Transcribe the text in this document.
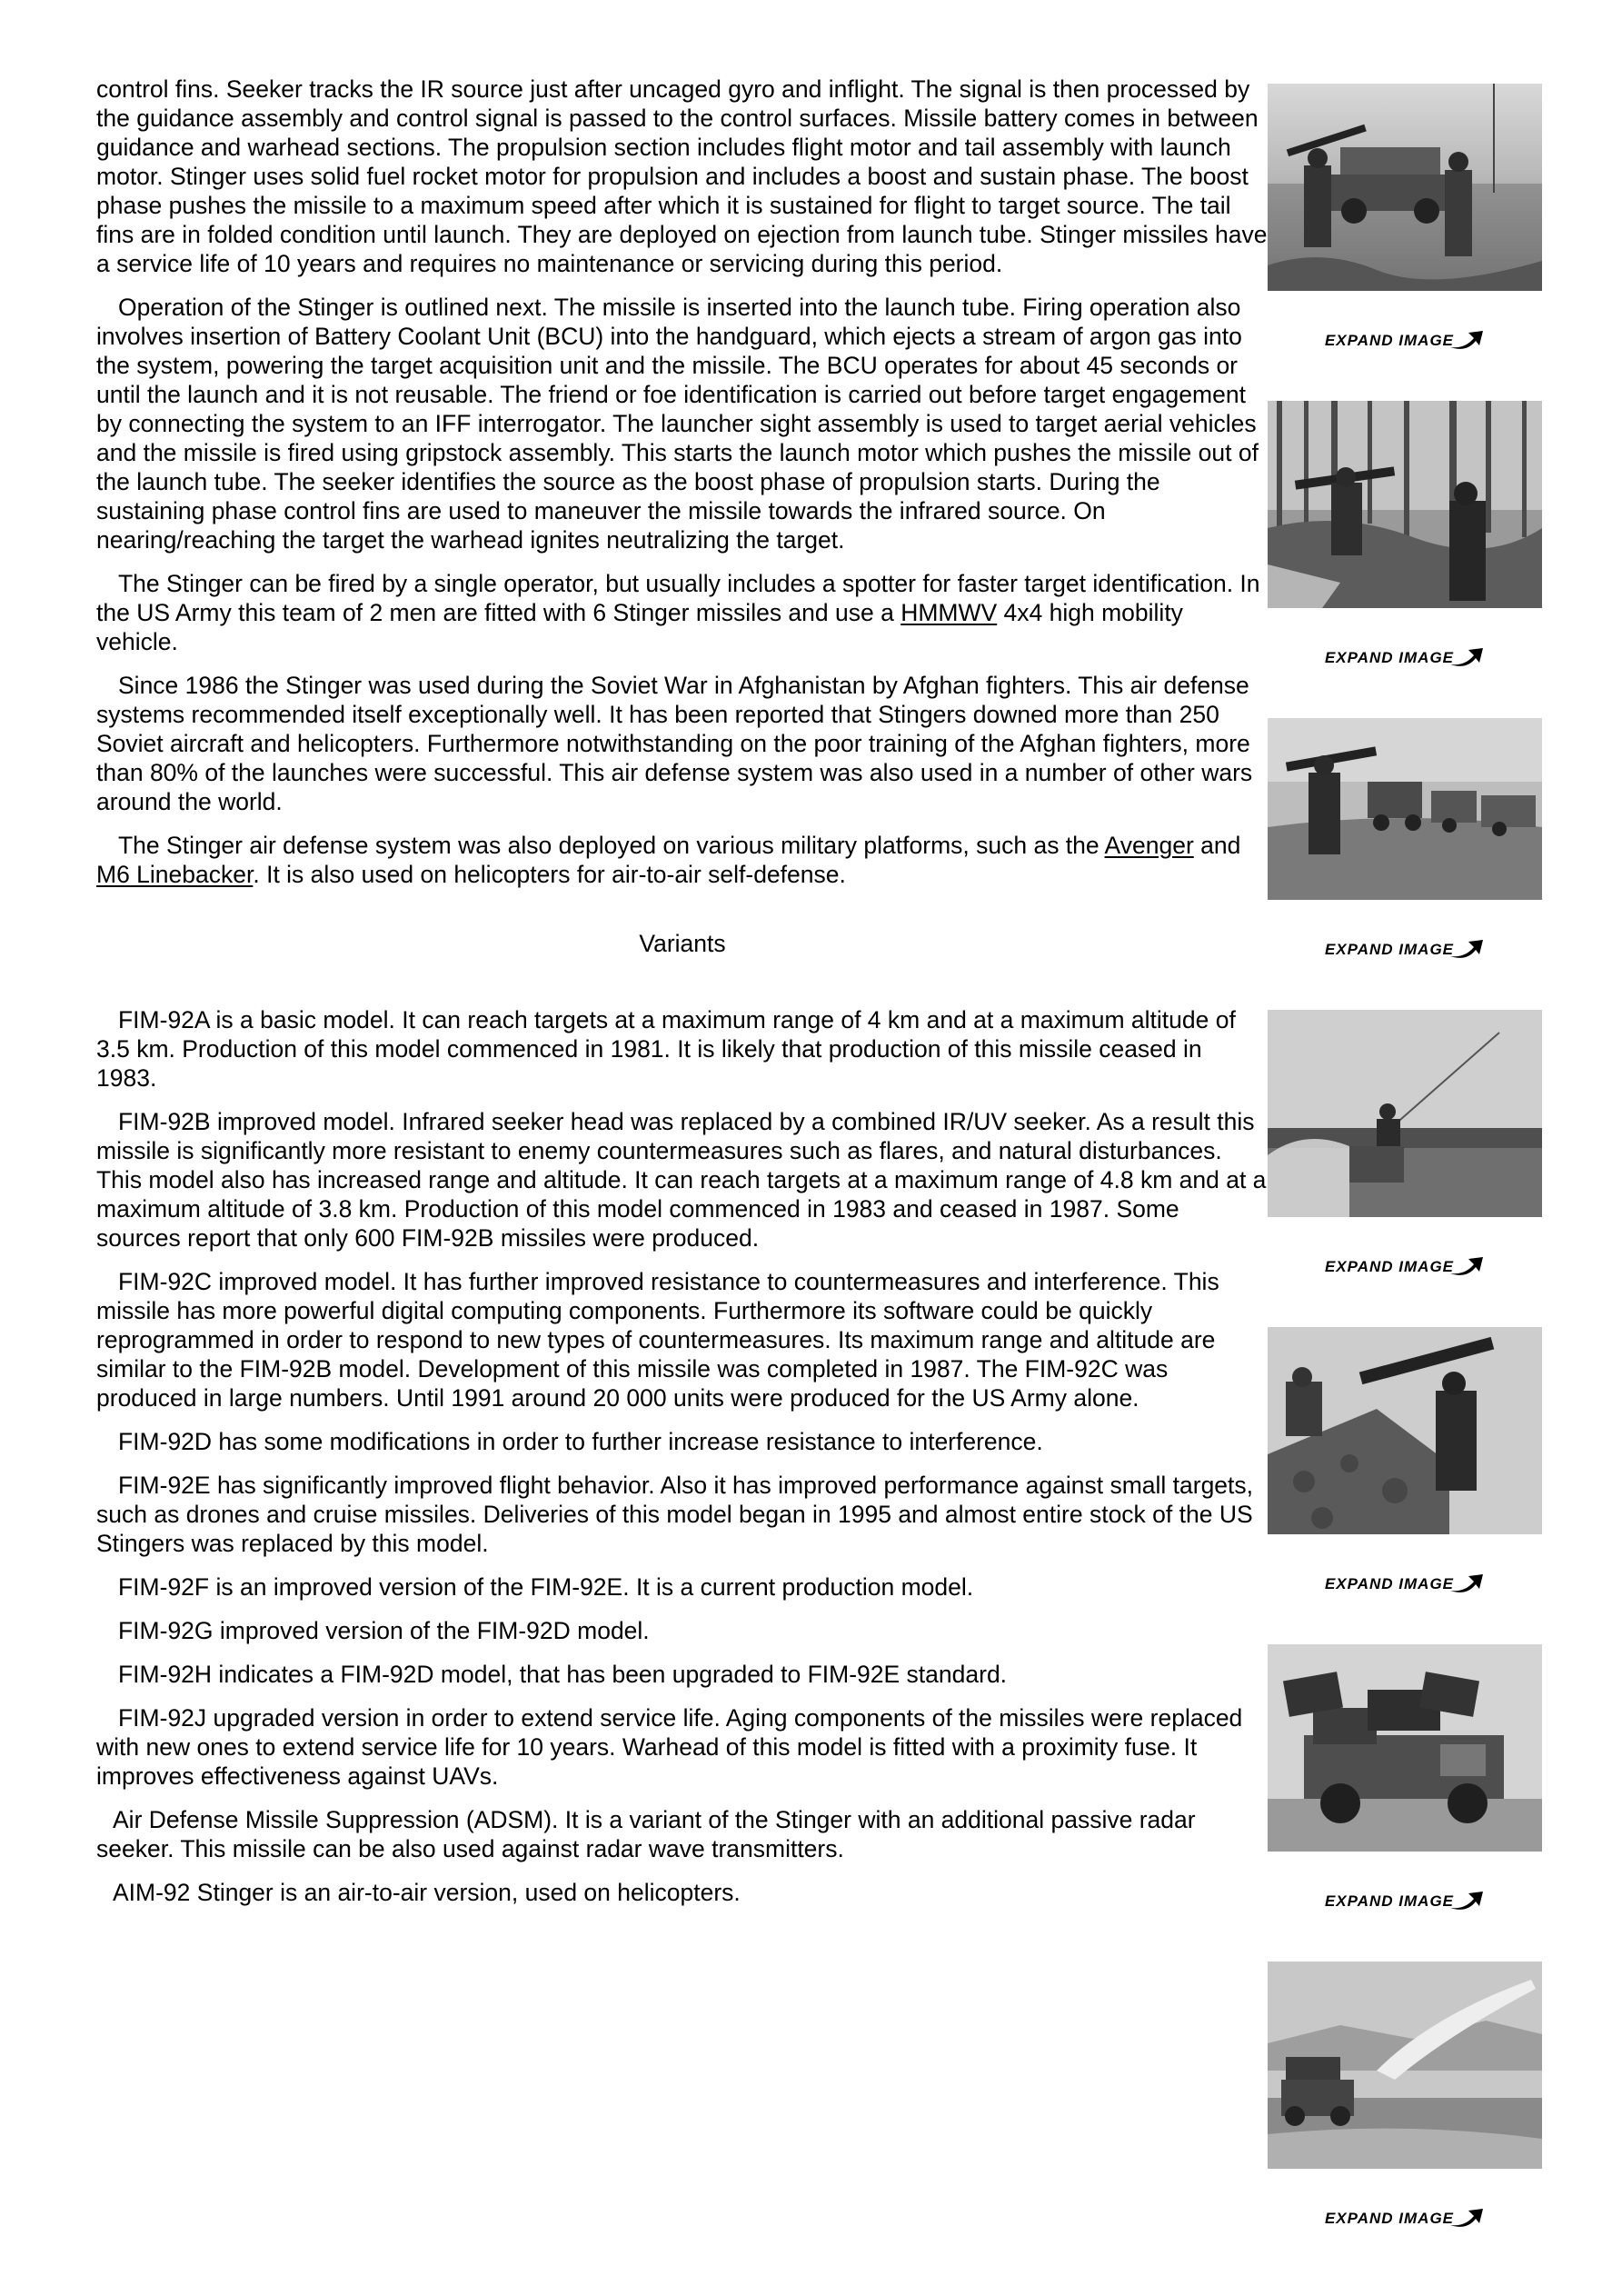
control fins. Seeker tracks the IR source just after uncaged gyro and inflight. The signal is then processed by the guidance assembly and control signal is passed to the control surfaces. Missile battery comes in between guidance and warhead sections. The propulsion section includes flight motor and tail assembly with launch motor. Stinger uses solid fuel rocket motor for propulsion and includes a boost and sustain phase. The boost phase pushes the missile to a maximum speed after which it is sustained for flight to target source. The tail fins are in folded condition until launch. They are deployed on ejection from launch tube. Stinger missiles have a service life of 10 years and requires no maintenance or servicing during this period.

Operation of the Stinger is outlined next. The missile is inserted into the launch tube. Firing operation also involves insertion of Battery Coolant Unit (BCU) into the handguard, which ejects a stream of argon gas into the system, powering the target acquisition unit and the missile. The BCU operates for about 45 seconds or until the launch and it is not reusable. The friend or foe identification is carried out before target engagement by connecting the system to an IFF interrogator. The launcher sight assembly is used to target aerial vehicles and the missile is fired using gripstock assembly. This starts the launch motor which pushes the missile out of the launch tube. The seeker identifies the source as the boost phase of propulsion starts. During the sustaining phase control fins are used to maneuver the missile towards the infrared source. On nearing/reaching the target the warhead ignites neutralizing the target.

The Stinger can be fired by a single operator, but usually includes a spotter for faster target identification. In the US Army this team of 2 men are fitted with 6 Stinger missiles and use a HMMWV 4x4 high mobility vehicle.

Since 1986 the Stinger was used during the Soviet War in Afghanistan by Afghan fighters. This air defense systems recommended itself exceptionally well. It has been reported that Stingers downed more than 250 Soviet aircraft and helicopters. Furthermore notwithstanding on the poor training of the Afghan fighters, more than 80% of the launches were successful. This air defense system was also used in a number of other wars around the world.

The Stinger air defense system was also deployed on various military platforms, such as the Avenger and M6 Linebacker. It is also used on helicopters for air-to-air self-defense.

Variants

FIM-92A is a basic model. It can reach targets at a maximum range of 4 km and at a maximum altitude of 3.5 km. Production of this model commenced in 1981. It is likely that production of this missile ceased in 1983.

FIM-92B improved model. Infrared seeker head was replaced by a combined IR/UV seeker. As a result this missile is significantly more resistant to enemy countermeasures such as flares, and natural disturbances. This model also has increased range and altitude. It can reach targets at a maximum range of 4.8 km and at a maximum altitude of 3.8 km. Production of this model commenced in 1983 and ceased in 1987. Some sources report that only 600 FIM-92B missiles were produced.

FIM-92C improved model. It has further improved resistance to countermeasures and interference. This missile has more powerful digital computing components. Furthermore its software could be quickly reprogrammed in order to respond to new types of countermeasures. Its maximum range and altitude are similar to the FIM-92B model. Development of this missile was completed in 1987. The FIM-92C was produced in large numbers. Until 1991 around 20 000 units were produced for the US Army alone.

FIM-92D has some modifications in order to further increase resistance to interference.

FIM-92E has significantly improved flight behavior. Also it has improved performance against small targets, such as drones and cruise missiles. Deliveries of this model began in 1995 and almost entire stock of the US Stingers was replaced by this model.

FIM-92F is an improved version of the FIM-92E. It is a current production model.

FIM-92G improved version of the FIM-92D model.

FIM-92H indicates a FIM-92D model, that has been upgraded to FIM-92E standard.

FIM-92J upgraded version in order to extend service life. Aging components of the missiles were replaced with new ones to extend service life for 10 years. Warhead of this model is fitted with a proximity fuse. It improves effectiveness against UAVs.

Air Defense Missile Suppression (ADSM). It is a variant of the Stinger with an additional passive radar seeker. This missile can be also used against radar wave transmitters.

AIM-92 Stinger is an air-to-air version, used on helicopters.

EXPAND IMAGE
EXPAND IMAGE
EXPAND IMAGE
EXPAND IMAGE
EXPAND IMAGE
EXPAND IMAGE
EXPAND IMAGE
